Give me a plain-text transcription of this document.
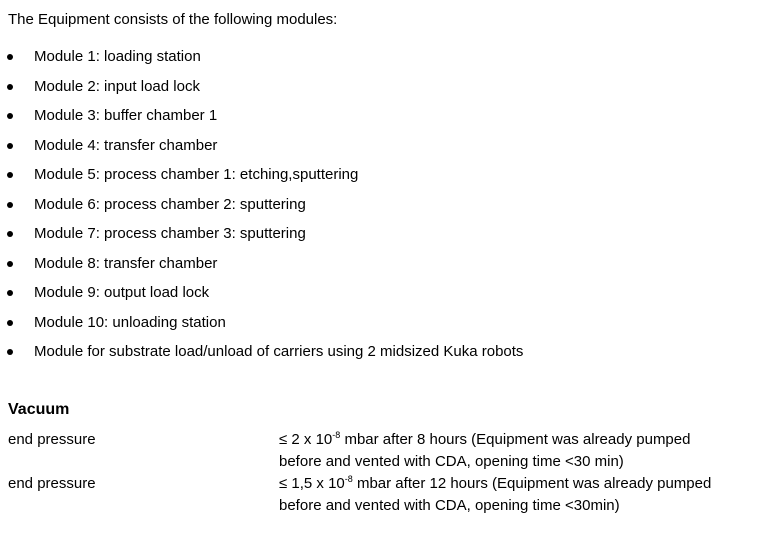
The Equipment consists of the following modules:
Module 1: loading station
Module 2: input load lock
Module 3: buffer chamber 1
Module 4: transfer chamber
Module 5: process chamber 1: etching,sputtering
Module 6: process chamber 2: sputtering
Module 7: process chamber 3: sputtering
Module 8: transfer chamber
Module 9: output load lock
Module 10: unloading station
Module for substrate load/unload of carriers using 2 midsized Kuka robots
Vacuum
end pressure	≤ 2 x $10^{-8}$ mbar after 8 hours (Equipment was already pumped
before and vented with CDA, opening time <30 min)
end pressure	≤ 1,5 x $10^{-8}$ mbar after 12 hours (Equipment was already pumped
before and vented with CDA, opening time <30min)
